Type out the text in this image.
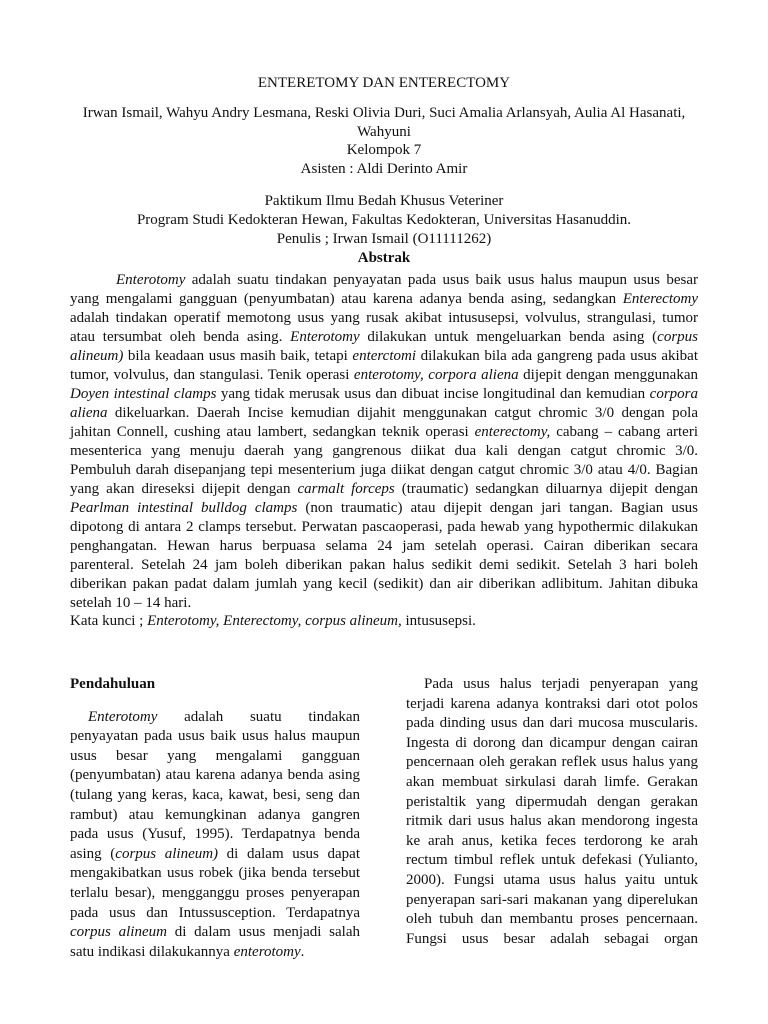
ENTERETOMY DAN ENTERECTOMY
Irwan Ismail, Wahyu Andry Lesmana, Reski Olivia Duri, Suci Amalia Arlansyah, Aulia Al Hasanati,
Wahyuni
Kelompok 7
Asisten : Aldi Derinto Amir
Paktikum Ilmu Bedah Khusus Veteriner
Program Studi Kedokteran Hewan, Fakultas Kedokteran, Universitas Hasanuddin.
Penulis ; Irwan Ismail (O11111262)
Abstrak
Enterotomy adalah suatu tindakan penyayatan pada usus baik usus halus maupun usus besar
yang mengalami gangguan (penyumbatan) atau karena adanya benda asing, sedangkan Enterectomy
adalah tindakan operatif memotong usus yang rusak akibat intususepsi, volvulus, strangulasi, tumor
atau tersumbat oleh benda asing. Enterotomy dilakukan untuk mengeluarkan benda asing (corpus
alineum) bila keadaan usus masih baik, tetapi enterctomi dilakukan bila ada gangreng pada usus akibat
tumor, volvulus, dan stangulasi. Tenik operasi enterotomy, corpora aliena dijepit dengan menggunakan
Doyen intestinal clamps yang tidak merusak usus dan dibuat incise longitudinal dan kemudian corpora
aliena dikeluarkan. Daerah Incise kemudian dijahit menggunakan catgut chromic 3/0 dengan pola
jahitan Connell, cushing atau lambert, sedangkan teknik operasi enterectomy, cabang – cabang arteri
mesenterica yang menuju daerah yang gangrenous diikat dua kali dengan catgut chromic 3/0.
Pembuluh darah disepanjang tepi mesenterium juga diikat dengan catgut chromic 3/0 atau 4/0. Bagian
yang akan direseksi dijepit dengan carmalt forceps (traumatic) sedangkan diluarnya dijepit dengan
Pearlman intestinal bulldog clamps (non traumatic) atau dijepit dengan jari tangan. Bagian usus
dipotong di antara 2 clamps tersebut. Perwatan pascaoperasi, pada hewab yang hypothermic dilakukan
penghangatan. Hewan harus berpuasa selama 24 jam setelah operasi. Cairan diberikan secara
parenteral. Setelah 24 jam boleh diberikan pakan halus sedikit demi sedikit. Setelah 3 hari boleh
diberikan pakan padat dalam jumlah yang kecil (sedikit) dan air diberikan adlibitum. Jahitan dibuka
setelah 10 – 14 hari.
Kata kunci ; Enterotomy, Enterectomy, corpus alineum, intususepsi.
Pendahuluan
Enterotomy adalah suatu tindakan
penyayatan pada usus baik usus halus maupun
usus besar yang mengalami gangguan
(penyumbatan) atau karena adanya benda asing
(tulang yang keras, kaca, kawat, besi, seng dan
rambut) atau kemungkinan adanya gangren
pada usus (Yusuf, 1995). Terdapatnya benda
asing (corpus alineum) di dalam usus dapat
mengakibatkan usus robek (jika benda tersebut
terlalu besar), mengganggu proses penyerapan
pada usus dan Intussusception. Terdapatnya
corpus alineum di dalam usus menjadi salah
satu indikasi dilakukannya enterotomy.
Pada usus halus terjadi penyerapan yang
terjadi karena adanya kontraksi dari otot polos
pada dinding usus dan dari mucosa muscularis.
Ingesta di dorong dan dicampur dengan cairan
pencernaan oleh gerakan reflek usus halus yang
akan membuat sirkulasi darah limfe. Gerakan
peristaltik yang dipermudah dengan gerakan
ritmik dari usus halus akan mendorong ingesta
ke arah anus, ketika feces terdorong ke arah
rectum timbul reflek untuk defekasi (Yulianto,
2000). Fungsi utama usus halus yaitu untuk
penyerapan sari-sari makanan yang diperelukan
oleh tubuh dan membantu proses pencernaan.
Fungsi usus besar adalah sebagai organ
